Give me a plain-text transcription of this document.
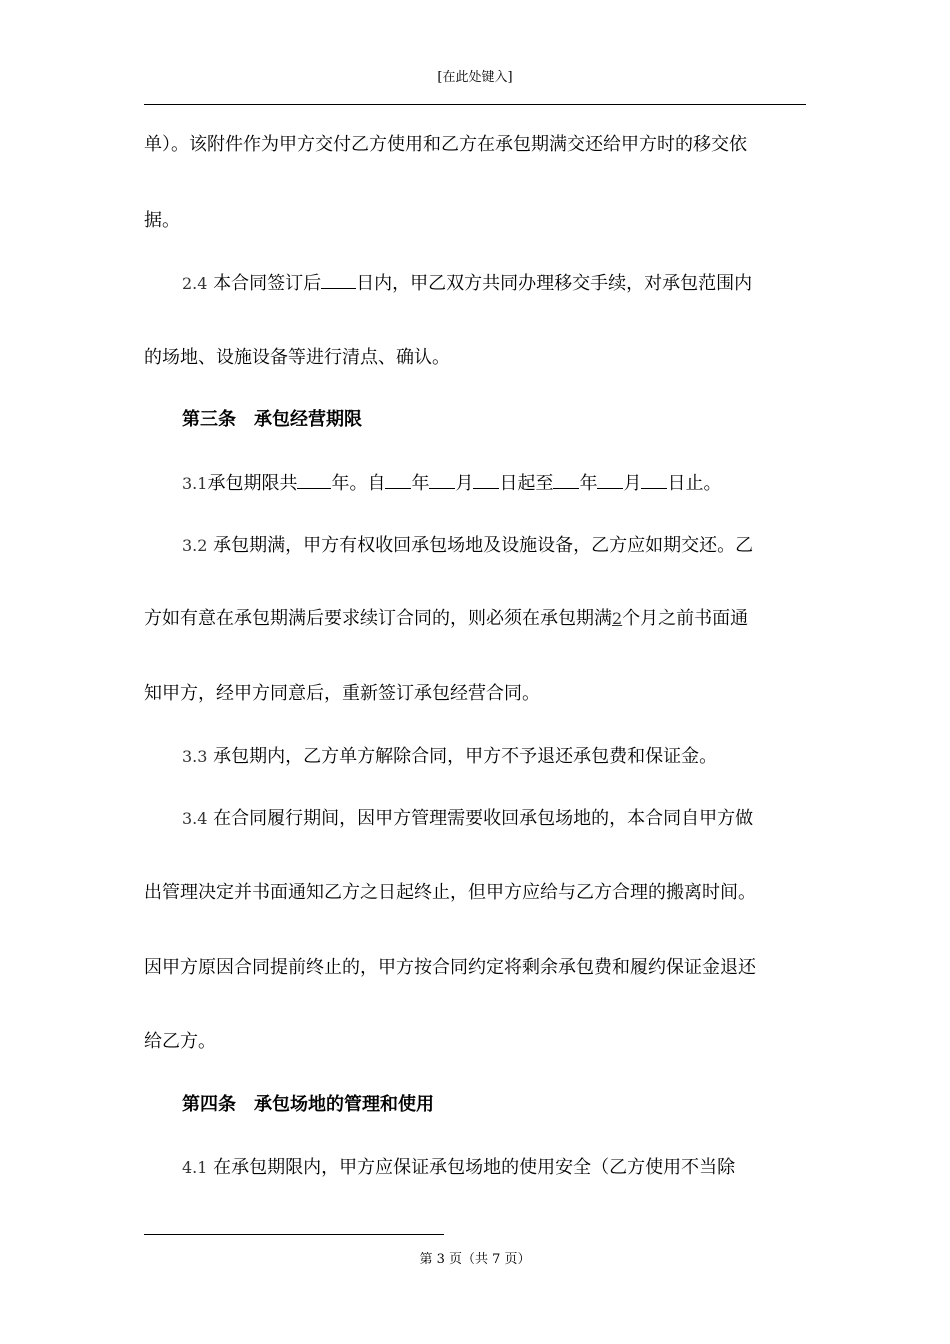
[在此处键入]
单）。该附件作为甲方交付乙方使用和乙方在承包期满交还给甲方时的移交依
据。
2.4 本合同签订后 日内，甲乙双方共同办理移交手续，对承包范围内
的场地、设施设备等进行清点、确认。
第三条　承包经营期限
3.1承包期限共 年。自 年 月 日起至 年 月 日止。
3.2 承包期满，甲方有权收回承包场地及设施设备，乙方应如期交还。乙
方如有意在承包期满后要求续订合同的，则必须在承包期满2个月之前书面通
知甲方，经甲方同意后，重新签订承包经营合同。
3.3 承包期内，乙方单方解除合同，甲方不予退还承包费和保证金。
3.4 在合同履行期间，因甲方管理需要收回承包场地的，本合同自甲方做
出管理决定并书面通知乙方之日起终止，但甲方应给与乙方合理的搬离时间。
因甲方原因合同提前终止的，甲方按合同约定将剩余承包费和履约保证金退还
给乙方。
第四条　承包场地的管理和使用
4.1 在承包期限内，甲方应保证承包场地的使用安全（乙方使用不当除
第 3 页（共 7 页）
